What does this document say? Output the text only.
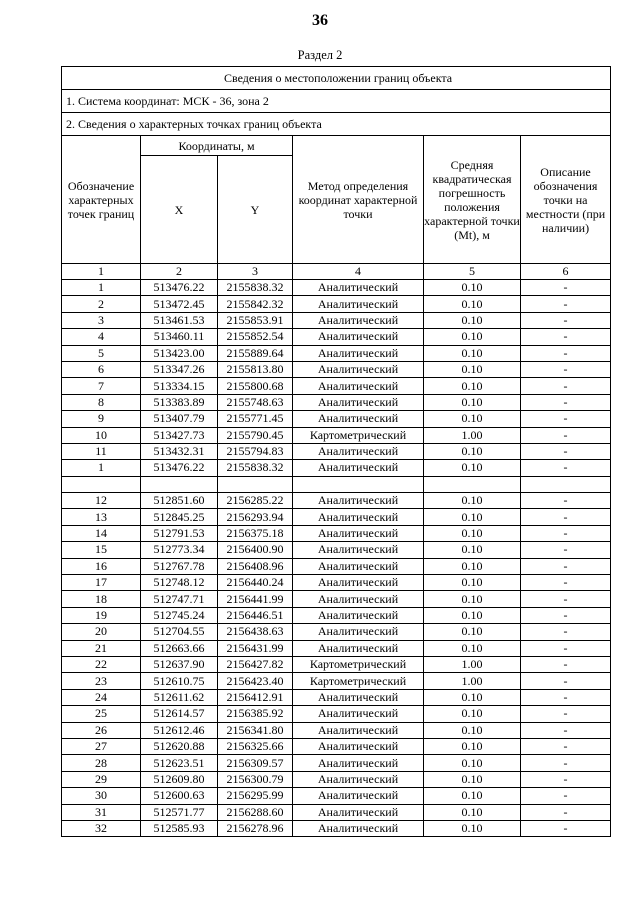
36
Раздел 2
Сведения о местоположении границ объекта					
1. Система координат: МСК - 36, зона 2					
2. Сведения о характерных точках границ объекта					
Обозначение характерных точек границ	Координаты, м		Метод определения координат характерной точки	Средняя квадратическая погрешность положения характерной точки (Mt), м	Описание обозначения точки на местности (при наличии)
	X	Y			
1	2	3	4	5	6
1	513476.22	2155838.32	Аналитический	0.10	-
2	513472.45	2155842.32	Аналитический	0.10	-
3	513461.53	2155853.91	Аналитический	0.10	-
4	513460.11	2155852.54	Аналитический	0.10	-
5	513423.00	2155889.64	Аналитический	0.10	-
6	513347.26	2155813.80	Аналитический	0.10	-
7	513334.15	2155800.68	Аналитический	0.10	-
8	513383.89	2155748.63	Аналитический	0.10	-
9	513407.79	2155771.45	Аналитический	0.10	-
10	513427.73	2155790.45	Картометрический	1.00	-
11	513432.31	2155794.83	Аналитический	0.10	-
1	513476.22	2155838.32	Аналитический	0.10	-

12	512851.60	2156285.22	Аналитический	0.10	-
13	512845.25	2156293.94	Аналитический	0.10	-
14	512791.53	2156375.18	Аналитический	0.10	-
15	512773.34	2156400.90	Аналитический	0.10	-
16	512767.78	2156408.96	Аналитический	0.10	-
17	512748.12	2156440.24	Аналитический	0.10	-
18	512747.71	2156441.99	Аналитический	0.10	-
19	512745.24	2156446.51	Аналитический	0.10	-
20	512704.55	2156438.63	Аналитический	0.10	-
21	512663.66	2156431.99	Аналитический	0.10	-
22	512637.90	2156427.82	Картометрический	1.00	-
23	512610.75	2156423.40	Картометрический	1.00	-
24	512611.62	2156412.91	Аналитический	0.10	-
25	512614.57	2156385.92	Аналитический	0.10	-
26	512612.46	2156341.80	Аналитический	0.10	-
27	512620.88	2156325.66	Аналитический	0.10	-
28	512623.51	2156309.57	Аналитический	0.10	-
29	512609.80	2156300.79	Аналитический	0.10	-
30	512600.63	2156295.99	Аналитический	0.10	-
31	512571.77	2156288.60	Аналитический	0.10	-
32	512585.93	2156278.96	Аналитический	0.10	-
